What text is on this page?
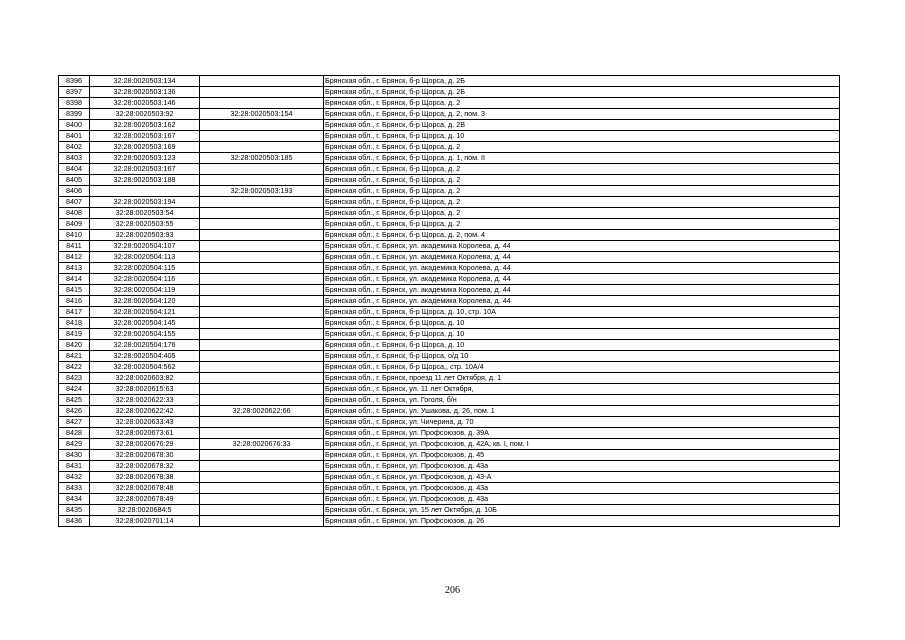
8396	32:28:0020503:134		Брянская обл., г. Брянск, б-р Щорса, д. 2Б
8397	32:28:0020503:136		Брянская обл., г. Брянск, б-р Щорса, д. 2Б
8398	32:28:0020503:146		Брянская обл., г. Брянск, б-р Щорса, д. 2
8399	32:28:0020503:92	32:28:0020503:154	Брянская обл., г. Брянск, б-р Щорса, д. 2, пом. 3
8400	32:28:0020503:162		Брянская обл., г. Брянск, б-р Щорса, д. 2В
8401	32:28:0020503:167		Брянская обл., г. Брянск, б-р Щорса, д. 10
8402	32:28:0020503:169		Брянская обл., г. Брянск, б-р Щорса, д. 2
8403	32:28:0020503:123	32:28:0020503:185	Брянская обл., г. Брянск, б-р Щорса, д. 1, пом. II
8404	32:28:0020503:167		Брянская обл., г. Брянск, б-р Щорса, д. 2
8405	32:28:0020503:188		Брянская обл., г. Брянск, б-р Щорса, д. 2
8406		32:28:0020503:193	Брянская обл., г. Брянск, б-р Щорса, д. 2
8407	32:28:0020503:194		Брянская обл., г. Брянск, б-р Щорса, д. 2
8408	32:28:0020503:54		Брянская обл., г. Брянск, б-р Щорса, д. 2
8409	32:28:0020503:55		Брянская обл., г. Брянск, б-р Щорса, д. 2
8410	32:28:0020503:93		Брянская обл., г. Брянск, б-р Щорса, д. 2, пом. 4
8411	32:28:0020504:107		Брянская обл., г. Брянск, ул. академика Королева, д. 44
8412	32:28:0020504:113		Брянская обл., г. Брянск, ул. академика Королева, д. 44
8413	32:28:0020504:115		Брянская обл., г. Брянск, ул. академика Королева, д. 44
8414	32:28:0020504:116		Брянская обл., г. Брянск, ул. академика Королева, д. 44
8415	32:28:0020504:119		Брянская обл., г. Брянск, ул. академика Королева, д. 44
8416	32:28:0020504:120		Брянская обл., г. Брянск, ул. академика Королева, д. 44
8417	32:28:0020504:121		Брянская обл., г. Брянск, б-р Щорса, д. 10, стр. 10А
8418	32:28:0020504:145		Брянская обл., г. Брянск, б-р Щорса, д. 10
8419	32:28:0020504:155		Брянская обл., г. Брянск, б-р Щорса, д. 10
8420	32:28:0020504:176		Брянская обл., г. Брянск, б-р Щорса, д. 10
8421	32:28:0020504:405		Брянская обл., г. Брянск, б-р Щорса, о/д 10
8422	32:28:0020504:562		Брянская обл., г. Брянск, б-р Щорса,, стр. 10А/4
8423	32:28:0020603:82		Брянская обл., г. Брянск, проезд 11 лет Октября, д. 1
8424	32:28:0020615:63		Брянская обл., г. Брянск, ул. 11 лет Октября,
8425	32:28:0020622:33		Брянская обл., г. Брянск, ул. Гоголя, б/н
8426	32:28:0020622:42	32:28:0020622:66	Брянская обл., г. Брянск, ул. Ушакова, д. 26, пом. 1
8427	32:28:0020633:43		Брянская обл., г. Брянск, ул. Чичерина, д. 70
8428	32:28:0020673:61		Брянская обл., г. Брянск, ул. Профсоюзов, д. 39А
8429	32:28:0020676:29	32:28:0020676:33	Брянская обл., г. Брянск, ул. Профсоюзов, д. 42А, кв. I, пом. I
8430	32:28:0020678:30		Брянская обл., г. Брянск, ул. Профсоюзов, д. 45
8431	32:28:0020678:32		Брянская обл., г. Брянск, ул. Профсоюзов, д. 43а
8432	32:28:0020678:38		Брянская обл., г. Брянск, ул. Профсоюзов, д. 43-А
8433	32:28:0020678:48		Брянская обл., г. Брянск, ул. Профсоюзов, д. 43а
8434	32:28:0020678:49		Брянская обл., г. Брянск, ул. Профсоюзов, д. 43а
8435	32:28:0020684:5		Брянская обл., г. Брянск, ул. 15 лет Октября, д. 10Б
8436	32:28:0020701:14		Брянская обл., г. Брянск, ул. Профсоюзов, д. 26
206
